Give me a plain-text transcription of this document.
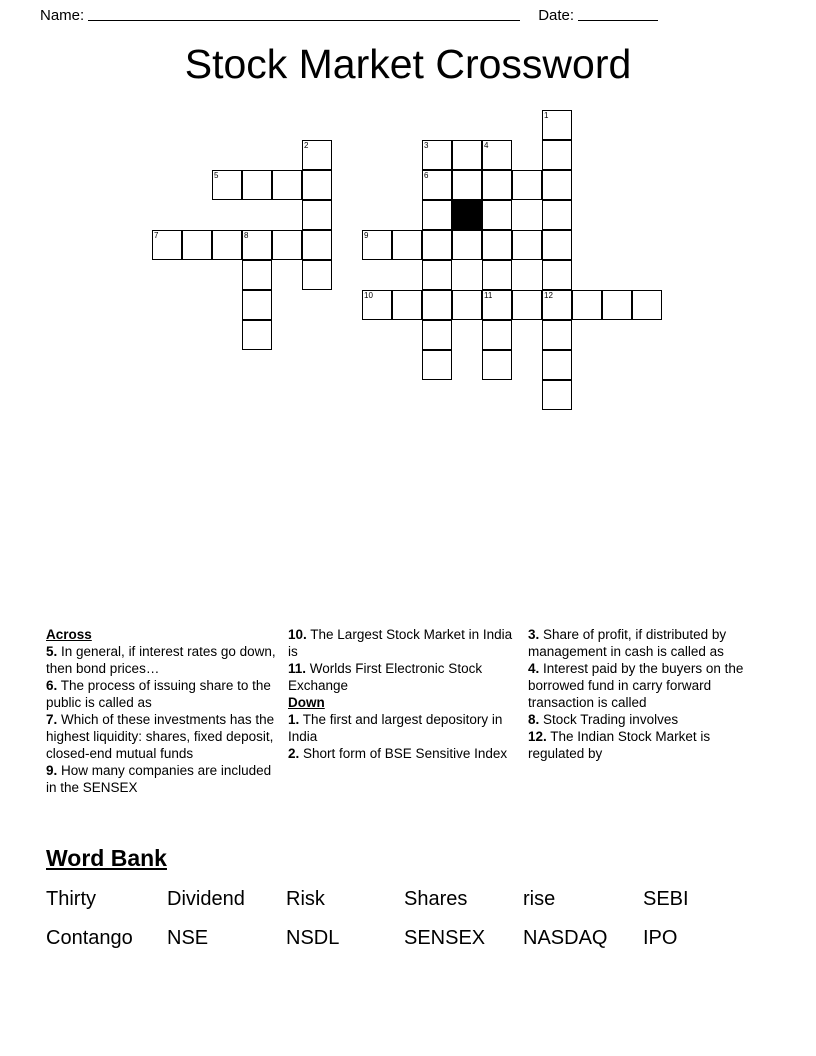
Name:	Date:
Stock Market Crossword
1
2	3	4
5	6
7	8	9
10	11	12
Across

5. In general, if interest rates go down, then bond prices…

6. The process of issuing share to the public is called as

7. Which of these investments has the highest liquidity: shares, fixed deposit, closed-end mutual funds

9. How many companies are included in the SENSEX

10. The Largest Stock Market in India is

11. Worlds First Electronic Stock Exchange

Down

1. The first and largest depository in India

2. Short form of BSE Sensitive Index

3. Share of profit, if distributed by management in cash is called as

4. Interest paid by the buyers on the borrowed fund in carry forward transaction is called

8. Stock Trading involves

12. The Indian Stock Market is regulated by

Word Bank
Thirty	Dividend	Risk	Shares	rise	SEBI
Contango	NSE	NSDL	SENSEX	NASDAQ	IPO
